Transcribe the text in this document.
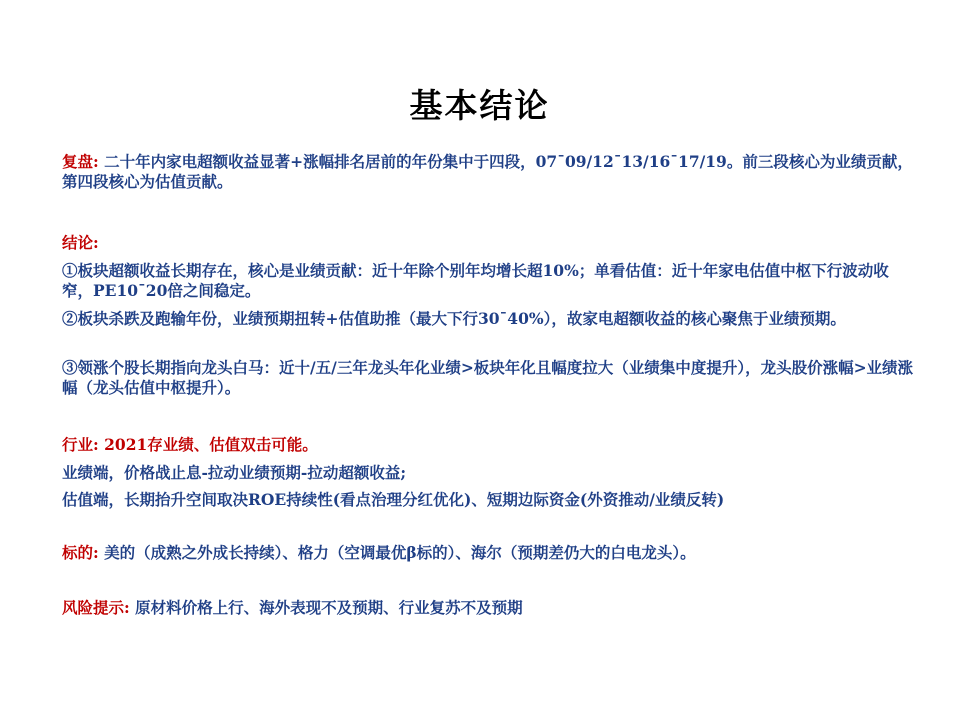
基本结论
复盘: 二十年内家电超额收益显著+涨幅排名居前的年份集中于四段，07¯09/12¯13/16¯17/19。前三段核心为业绩贡献，第四段核心为估值贡献。
结论:
①板块超额收益长期存在，核心是业绩贡献：近十年除个别年均增长超10%；单看估值：近十年家电估值中枢下行波动收窄，PE10¯20倍之间稳定。
②板块杀跌及跑输年份，业绩预期扭转+估值助推（最大下行30¯40%），故家电超额收益的核心聚焦于业绩预期。
③领涨个股长期指向龙头白马：近十/五/三年龙头年化业绩>板块年化且幅度拉大（业绩集中度提升），龙头股价涨幅>业绩涨幅（龙头估值中枢提升）。
行业: 2021存业绩、估值双击可能。
业绩端，价格战止息-拉动业绩预期-拉动超额收益;
估值端，长期抬升空间取决ROE持续性(看点治理分红优化)、短期边际资金(外资推动/业绩反转)
标的: 美的（成熟之外成长持续）、格力（空调最优β标的）、海尔（预期差仍大的白电龙头）。
风险提示: 原材料价格上行、海外表现不及预期、行业复苏不及预期
